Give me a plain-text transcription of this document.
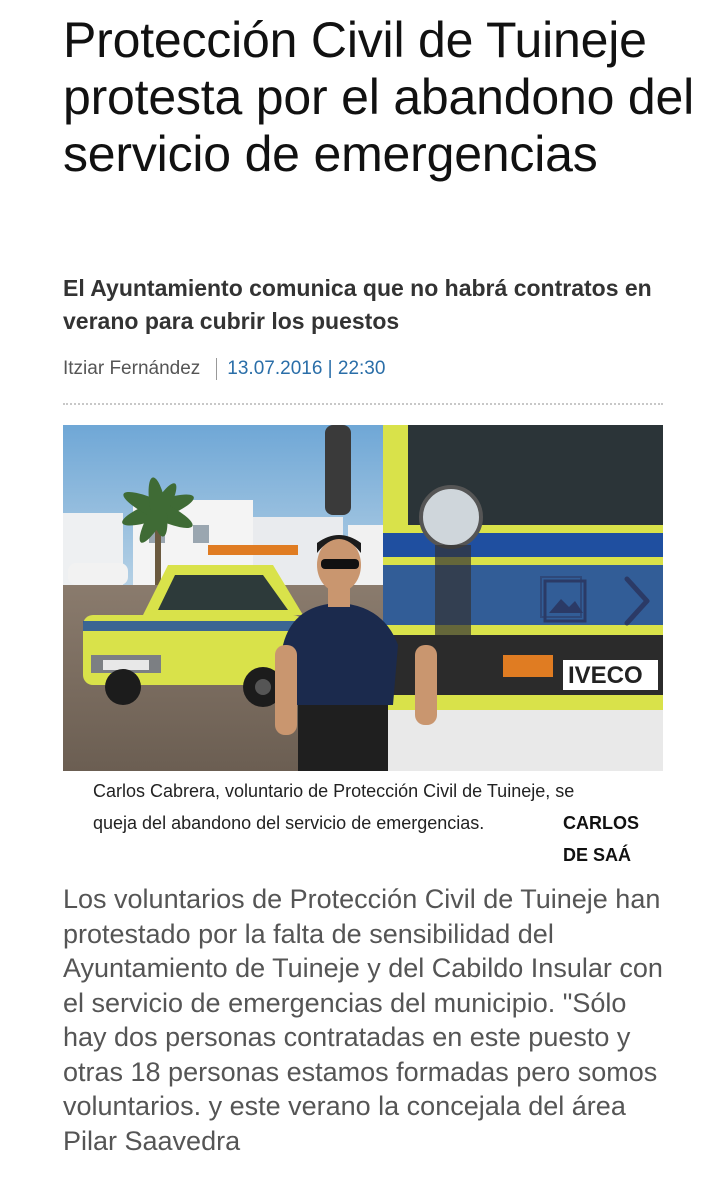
Protección Civil de Tuineje protesta por el abandono del servicio de emergencias
El Ayuntamiento comunica que no habrá contratos en verano para cubrir los puestos
Itziar Fernández 13.07.2016 | 22:30
IVECO
Carlos Cabrera, voluntario de Protección Civil de Tuineje, se
queja del abandono del servicio de emergencias.	CARLOS DE SAÁ

Los voluntarios de Protección Civil de Tuineje han protestado por la falta de sensibilidad del Ayuntamiento de Tuineje y del Cabildo Insular con el servicio de emergencias del municipio. "Sólo hay dos personas contratadas en este puesto y otras 18 personas estamos formadas pero somos voluntarios. y este verano la concejala del área Pilar Saavedra
